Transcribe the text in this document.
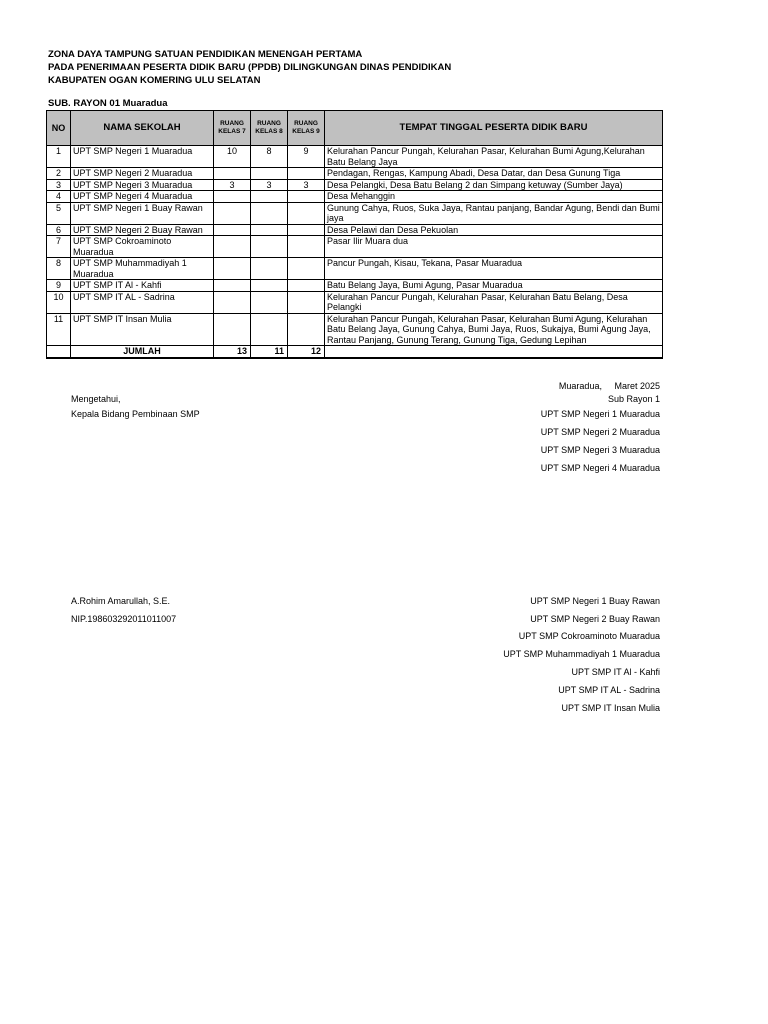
ZONA DAYA TAMPUNG SATUAN PENDIDIKAN MENENGAH PERTAMA
PADA PENERIMAAN PESERTA DIDIK BARU (PPDB) DILINGKUNGAN DINAS PENDIDIKAN
KABUPATEN OGAN KOMERING ULU SELATAN
SUB. RAYON 01 Muaradua
NO	NAMA SEKOLAH	RUANG KELAS 7	RUANG KELAS 8	RUANG KELAS 9	TEMPAT TINGGAL PESERTA DIDIK BARU
1	UPT SMP Negeri 1 Muaradua	10	8	9	Kelurahan Pancur Pungah, Kelurahan Pasar, Kelurahan Bumi Agung,Kelurahan Batu Belang Jaya
2	UPT SMP Negeri 2 Muaradua				Pendagan, Rengas, Kampung Abadi, Desa Datar, dan Desa Gunung Tiga
3	UPT SMP Negeri 3 Muaradua	3	3	3	Desa Pelangki, Desa Batu Belang 2 dan Simpang ketuway (Sumber Jaya)
4	UPT SMP Negeri 4 Muaradua				Desa Mehanggin
5	UPT SMP Negeri 1 Buay Rawan				Gunung Cahya, Ruos, Suka Jaya, Rantau panjang, Bandar Agung, Bendi dan Bumi jaya
6	UPT SMP Negeri 2 Buay Rawan				Desa Pelawi dan Desa Pekuolan
7	UPT SMP Cokroaminoto Muaradua				Pasar Ilir Muara dua
8	UPT SMP Muhammadiyah 1 Muaradua				Pancur Pungah, Kisau, Tekana, Pasar Muaradua
9	UPT SMP IT Al - Kahfi				Batu Belang Jaya, Bumi Agung, Pasar Muaradua
10	UPT SMP IT AL - Sadrina				Kelurahan Pancur Pungah, Kelurahan Pasar, Kelurahan Batu Belang, Desa Pelangki
11	UPT SMP IT Insan Mulia				Kelurahan Pancur Pungah, Kelurahan Pasar, Kelurahan Bumi Agung, Kelurahan Batu Belang Jaya, Gunung Cahya, Bumi Jaya, Ruos, Sukajya, Bumi Agung Jaya, Rantau Panjang, Gunung Terang, Gunung Tiga, Gedung Lepihan
	JUMLAH	13	11	12	
Muaradua, Maret 2025
Mengetahui,	Sub Rayon 1
Kepala Bidang Pembinaan SMP	UPT SMP Negeri 1 Muaradua
UPT SMP Negeri 2 Muaradua
UPT SMP Negeri 3 Muaradua
UPT SMP Negeri 4 Muaradua
A.Rohim Amarullah, S.E.
NIP.198603292011011007
UPT SMP Negeri 1 Buay Rawan
UPT SMP Negeri 2 Buay Rawan
UPT SMP Cokroaminoto Muaradua
UPT SMP Muhammadiyah 1 Muaradua
UPT SMP IT Al - Kahfi
UPT SMP IT AL - Sadrina
UPT SMP IT Insan Mulia
